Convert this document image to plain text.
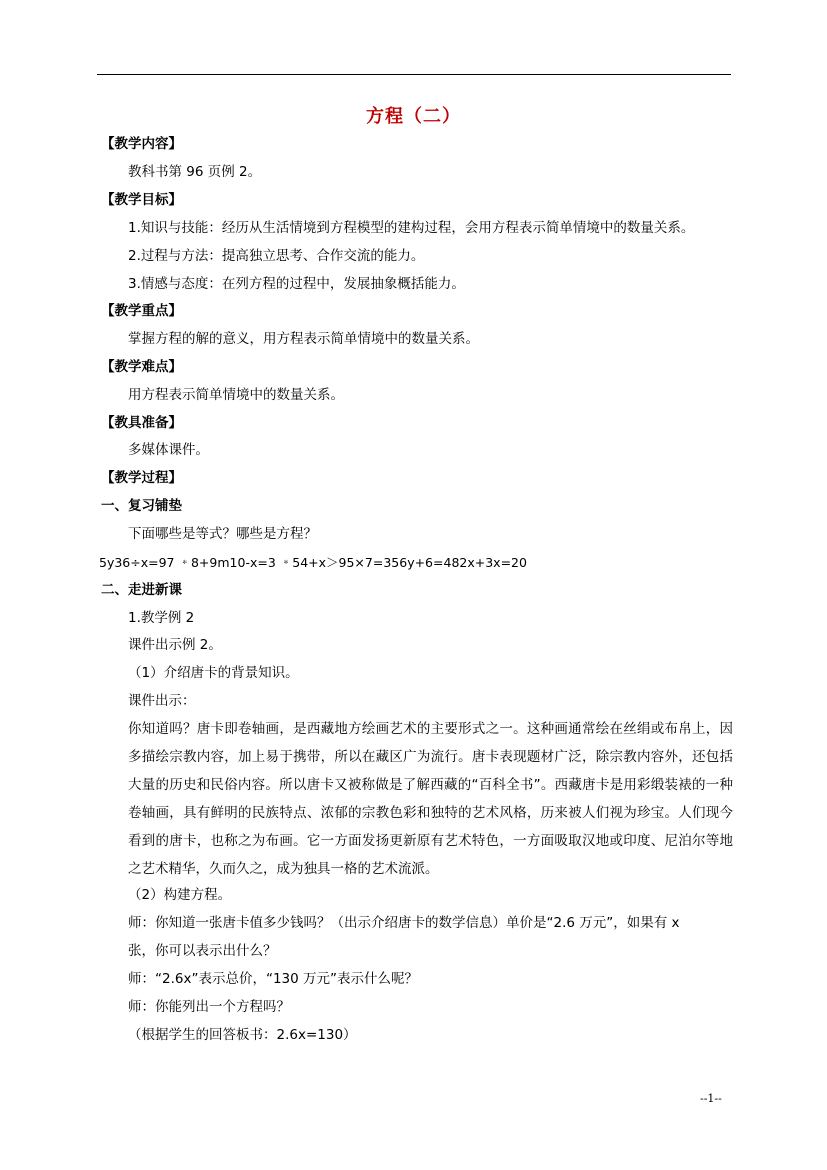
方程（二）
【教学内容】
教科书第 96 页例 2。
【教学目标】
1.知识与技能：经历从生活情境到方程模型的建构过程，会用方程表示简单情境中的数量关系。
2.过程与方法：提高独立思考、合作交流的能力。
3.情感与态度：在列方程的过程中，发展抽象概括能力。
【教学重点】
掌握方程的解的意义，用方程表示简单情境中的数量关系。
【教学难点】
用方程表示简单情境中的数量关系。
【教具准备】
多媒体课件。
【教学过程】
一、复习铺垫
下面哪些是等式？哪些是方程？
5y36÷x=97 ﹡8+9m10-x=3 ﹡54+x＞95×7=356y+6=482x+3x=20
二、走进新课
1.教学例 2
课件出示例 2。
（1）介绍唐卡的背景知识。
课件出示：
你知道吗？唐卡即卷轴画，是西藏地方绘画艺术的主要形式之一。这种画通常绘在丝绢或布帛上，因多描绘宗教内容，加上易于携带，所以在藏区广为流行。唐卡表现题材广泛，除宗教内容外，还包括大量的历史和民俗内容。所以唐卡又被称做是了解西藏的“百科全书”。西藏唐卡是用彩缎装裱的一种卷轴画，具有鲜明的民族特点、浓郁的宗教色彩和独特的艺术风格，历来被人们视为珍宝。人们现今看到的唐卡，也称之为布画。它一方面发扬更新原有艺术特色，一方面吸取汉地或印度、尼泊尔等地之艺术精华，久而久之，成为独具一格的艺术流派。
（2）构建方程。
师：你知道一张唐卡值多少钱吗？（出示介绍唐卡的数学信息）单价是“2.6 万元”，如果有 x
张，你可以表示出什么？
师：“2.6x”表示总价，“130 万元”表示什么呢？
师：你能列出一个方程吗？
（根据学生的回答板书：2.6x=130）
--1--
